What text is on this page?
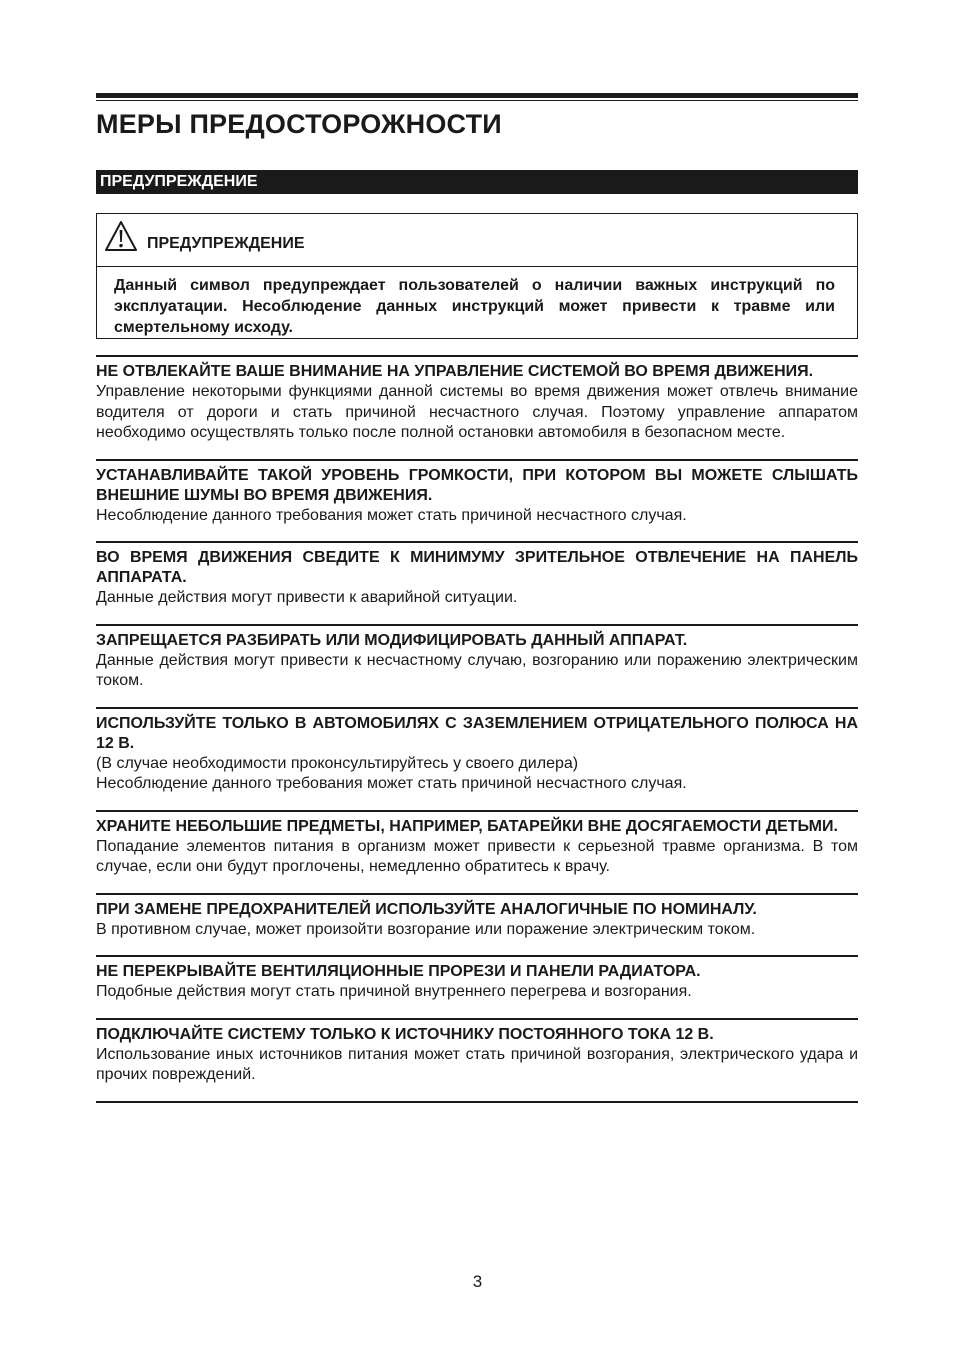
МЕРЫ ПРЕДОСТОРОЖНОСТИ
ПРЕДУПРЕЖДЕНИЕ
ПРЕДУПРЕЖДЕНИЕ
Данный символ предупреждает пользователей о наличии важных инструкций по эксплуатации. Несоблюдение данных инструкций может привести к травме или смертельному исходу.
НЕ ОТВЛЕКАЙТЕ ВАШЕ ВНИМАНИЕ НА УПРАВЛЕНИЕ СИСТЕМОЙ ВО ВРЕМЯ ДВИЖЕНИЯ.
Управление некоторыми функциями данной системы во время движения может отвлечь внимание водителя от дороги и стать причиной несчастного случая. Поэтому управление аппаратом необходимо осуществлять только после полной остановки автомобиля в безопасном месте.
УСТАНАВЛИВАЙТЕ ТАКОЙ УРОВЕНЬ ГРОМКОСТИ, ПРИ КОТОРОМ ВЫ МОЖЕТЕ СЛЫШАТЬ ВНЕШНИЕ ШУМЫ ВО ВРЕМЯ ДВИЖЕНИЯ.
Несоблюдение данного требования может стать причиной несчастного случая.
ВО ВРЕМЯ ДВИЖЕНИЯ СВЕДИТЕ К МИНИМУМУ ЗРИТЕЛЬНОЕ ОТВЛЕЧЕНИЕ НА ПАНЕЛЬ АППАРАТА.
Данные действия могут привести к аварийной ситуации.
ЗАПРЕЩАЕТСЯ РАЗБИРАТЬ ИЛИ МОДИФИЦИРОВАТЬ ДАННЫЙ АППАРАТ.
Данные действия могут привести к несчастному случаю, возгоранию или поражению электрическим током.
ИСПОЛЬЗУЙТЕ ТОЛЬКО В АВТОМОБИЛЯХ С ЗАЗЕМЛЕНИЕМ ОТРИЦАТЕЛЬНОГО ПОЛЮСА НА 12 В.
(В случае необходимости проконсультируйтесь у своего дилера)
Несоблюдение данного требования может стать причиной несчастного случая.
ХРАНИТЕ НЕБОЛЬШИЕ ПРЕДМЕТЫ, НАПРИМЕР, БАТАРЕЙКИ ВНЕ ДОСЯГАЕМОСТИ ДЕТЬМИ.
Попадание элементов питания в организм может привести к серьезной травме организма. В том случае, если они будут проглочены, немедленно обратитесь к врачу.
ПРИ ЗАМЕНЕ ПРЕДОХРАНИТЕЛЕЙ ИСПОЛЬЗУЙТЕ АНАЛОГИЧНЫЕ ПО НОМИНАЛУ.
В противном случае, может произойти возгорание или поражение электрическим током.
НЕ ПЕРЕКРЫВАЙТЕ ВЕНТИЛЯЦИОННЫЕ ПРОРЕЗИ И ПАНЕЛИ РАДИАТОРА.
Подобные действия могут стать причиной внутреннего перегрева и возгорания.
ПОДКЛЮЧАЙТЕ СИСТЕМУ ТОЛЬКО К ИСТОЧНИКУ ПОСТОЯННОГО ТОКА 12 В.
Использование иных источников питания может стать причиной возгорания, электрического удара и прочих повреждений.
3
